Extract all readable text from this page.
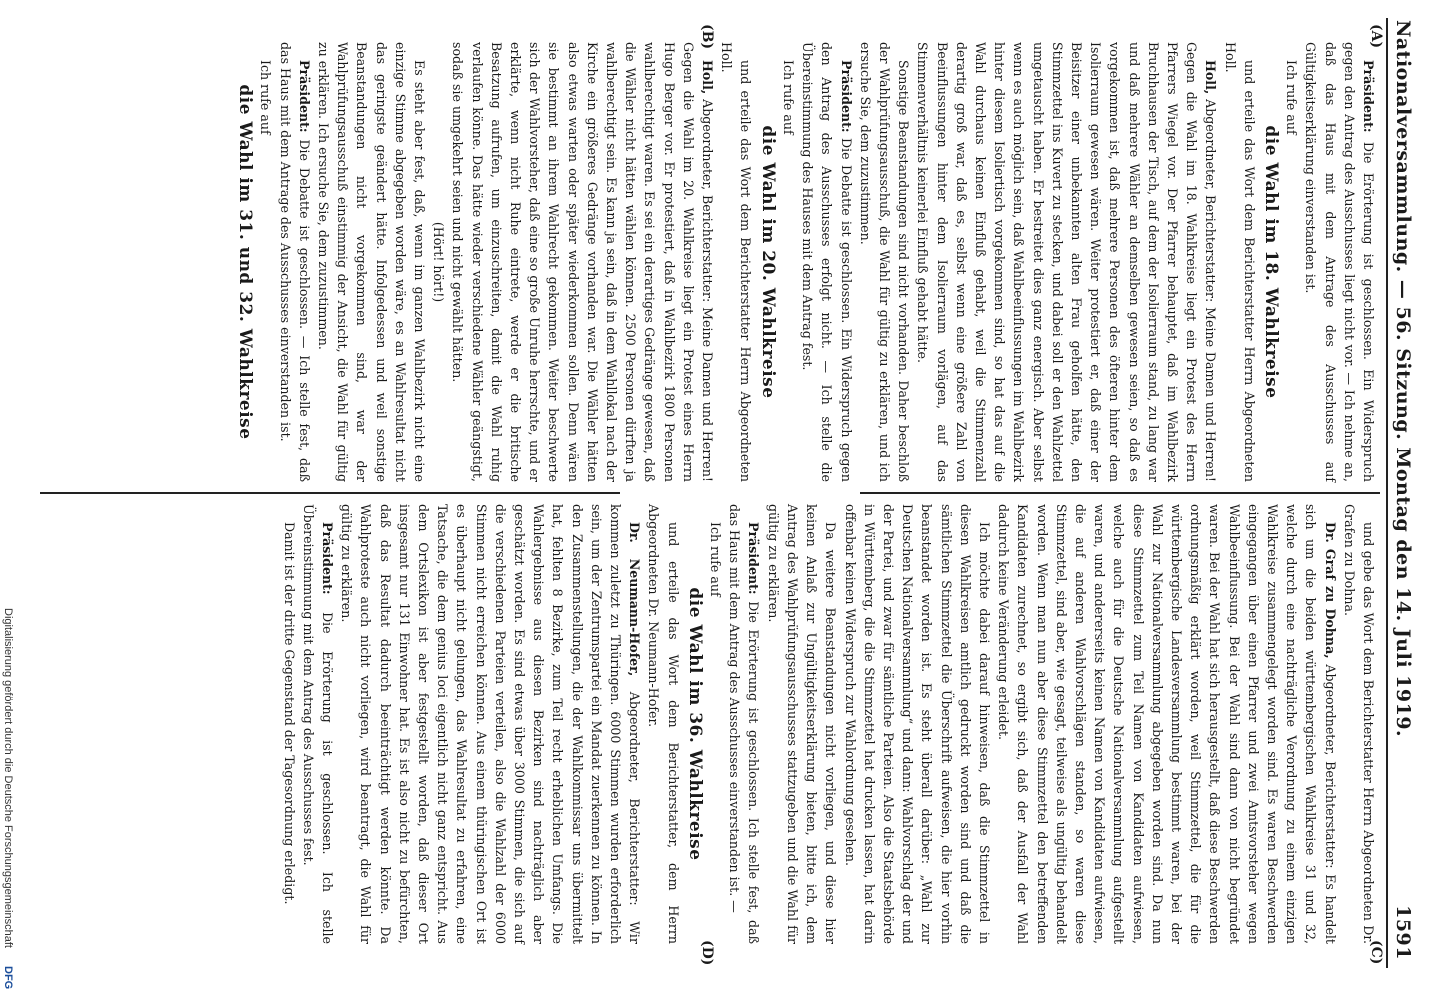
Nationalversammlung. — 56. Sitzung. Montag den 14. Juli 1919.
1591
(A)
(B)
(C)
(D)

Präsident: Die Erörterung ist geschlossen. Ein Widerspruch gegen den Antrag des Ausschusses liegt nicht vor. — Ich nehme an, daß das Haus mit dem Antrage des Ausschusses auf Gültigkeitserklärung einverstanden ist.

Ich rufe auf

die Wahl im 18. Wahlkreise

und erteile das Wort dem Berichterstatter Herrn Abgeordneten Holl.

Holl, Abgeordneter, Berichterstatter: Meine Damen und Herren! Gegen die Wahl im 18. Wahlkreise liegt ein Protest des Herrn Pfarrers Wiegel vor. Der Pfarrer behauptet, daß im Wahlbezirk Bruchhausen der Tisch, auf dem der Isolierraum stand, zu lang war und daß mehrere Wähler an demselben gewesen seien, so daß es vorgekommen ist, daß mehrere Personen des öfteren hinter dem Isolierraum gewesen wären. Weiter protestiert er, daß einer der Beisitzer einer unbekannten alten Frau geholfen hätte, den Stimmzettel ins Kuvert zu stecken, und dabei soll er den Wahlzettel umgetauscht haben. Er bestreitet dies ganz energisch. Aber selbst wenn es auch möglich sein, daß Wahlbeeinflussungen im Wahlbezirk hinter diesem Isoliertisch vorgekommen sind, so hat das auf die Wahl durchaus keinen Einfluß gehabt, weil die Stimmenzahl derartig groß war, daß es, selbst wenn eine größere Zahl von Beeinflussungen hinter dem Isolierraum vorlägen, auf das Stimmenverhältnis keinerlei Einfluß gehabt hätte.

Sonstige Beanstandungen sind nicht vorhanden. Daher beschloß der Wahlprüfungsausschuß, die Wahl für gültig zu erklären, und ich ersuche Sie, dem zuzustimmen.

Präsident: Die Debatte ist geschlossen. Ein Widerspruch gegen den Antrag des Ausschusses erfolgt nicht. — Ich stelle die Übereinstimmung des Hauses mit dem Antrag fest.

Ich rufe auf

die Wahl im 20. Wahlkreise

und erteile das Wort dem Berichterstatter Herrn Abgeordneten Holl.

Holl, Abgeordneter, Berichterstatter: Meine Damen und Herren! Gegen die Wahl im 20. Wahlkreise liegt ein Protest eines Herrn Hugo Berger vor. Er protestiert, daß in Wahlbezirk 1800 Personen wahlberechtigt waren. Es sei ein derartiges Gedränge gewesen, daß die Wähler nicht hätten wählen können. 2500 Personen dürften ja wahlberechtigt sein. Es kann ja sein, daß in dem Wahllokal nach der Kirche ein größeres Gedränge vorhanden war. Die Wähler hätten also etwas warten oder später wiederkommen sollen. Denn wären sie bestimmt an ihrem Wahlrecht gekommen. Weiter beschwerte sich der Wahlvorsteher, daß eine so große Unruhe herrschte, und er erklärte, wenn nicht Ruhe eintrete, werde er die britische Besatzung aufrufen, um einzuschreiten, damit die Wahl ruhig verlaufen könne. Das hätte wieder verschiedene Wähler geängstigt, sodaß sie umgekehrt seien und nicht gewählt hätten.

(Hört! hört!)

Es steht aber fest, daß, wenn im ganzen Wahlbezirk nicht eine einzige Stimme abgegeben worden wäre, es an Wahlresultat nicht das geringste geändert hätte. Infolgedessen und weil sonstige Beanstandungen nicht vorgekommen sind, war der Wahlprüfungsausschuß einstimmig der Ansicht, die Wahl für gültig zu erklären. Ich ersuche Sie, dem zuzustimmen.

Präsident: Die Debatte ist geschlossen. — Ich stelle fest, daß das Haus mit dem Antrage des Ausschusses einverstanden ist.

Ich rufe auf

die Wahl im 31. und 32. Wahlkreise

und gebe das Wort dem Berichterstatter Herrn Abgeordneten Dr. Grafen zu Dohna.

Dr. Graf zu Dohna, Abgeordneter, Berichterstatter: Es handelt sich um die beiden württembergischen Wahlkreise 31 und 32, welche durch eine nachträgliche Verordnung zu einem einzigen Wahlkreise zusammengelegt worden sind. Es waren Beschwerden eingegangen über einen Pfarrer und zwei Amtsvorsteher wegen Wahlbeeinflussung. Bei der Wahl sind dann von nicht begründet waren. Bei der Wahl hat sich herausgestellt, daß diese Beschwerden ordnungsmäßig erklärt worden, weil Stimmzettel, die für die württembergische Landesversammlung bestimmt waren, bei der Wahl zur Nationalversammlung abgegeben worden sind. Da nun diese Stimmzettel zum Teil Namen von Kandidaten aufwiesen, welche auch für die Deutsche Nationalversammlung aufgestellt waren, und andererseits keinen Namen von Kandidaten aufwiesen, die auf anderen Wahlvorschlägen standen, so waren diese Stimmzettel, sind aber, wie gesagt, teilweise als ungültig behandelt worden. Wenn man nun aber diese Stimmzettel den betreffenden Kandidaten zurechnet, so ergibt sich, daß der Ausfall der Wahl dadurch keine Veränderung erleidet.

Ich möchte dabei darauf hinweisen, daß die Stimmzettel in diesen Wahlkreisen amtlich gedruckt worden sind und daß die sämtlichen Stimmzettel die Überschrift aufweisen, die hier vorhin beanstandet worden ist. Es steht überall darüber: „Wahl zur Deutschen Nationalversammlung“ und dann: Wahlvorschlag der und der Partei, und zwar für sämtliche Parteien. Also die Staatsbehörde in Württemberg, die die Stimmzettel hat drucken lassen, hat darin offenbar keinen Widerspruch zur Wahlordnung gesehen.

Da weitere Beanstandungen nicht vorliegen, und diese hier keinen Anlaß zur Ungültigkeitserklärung bieten, bitte ich, dem Antrag des Wahlprüfungsausschusses stattzugeben und die Wahl für gültig zu erklären.

Präsident: Die Erörterung ist geschlossen. Ich stelle fest, daß das Haus mit dem Antrag des Ausschusses einverstanden ist. —

Ich rufe auf

die Wahl im 36. Wahlkreise

und erteile das Wort dem Berichterstatter, dem Herrn Abgeordneten Dr. Neumann-Hofer.

Dr. Neumann-Hofer, Abgeordneter, Berichterstatter: Wir kommen zuletzt zu Thüringen. 6000 Stimmen wurden erforderlich sein, um der Zentrumspartei ein Mandat zuerkennen zu können. In den Zusammenstellungen, die der Wahlkommissar uns übermittelt hat, fehlten 8 Bezirke, zum Teil recht erheblichen Umfangs. Die Wahlergebnisse aus diesen Bezirken sind nachträglich aber geschätzt worden. Es sind etwas über 3000 Stimmen, die sich auf die verschiedenen Parteien verteilen, also die Wahlzahl der 6000 Stimmen nicht erreichen können. Aus einem thüringischen Ort ist es überhaupt nicht gelungen, das Wahlresultat zu erfahren, eine Tatsache, die dem genius loci eigentlich nicht ganz entspricht. Aus dem Ortslexikon ist aber festgestellt worden, daß dieser Ort insgesamt nur 131 Einwohner hat. Es ist also nicht zu befürchten, daß das Resultat dadurch beeinträchtigt werden könnte. Da Wahlproteste auch nicht vorliegen, wird beantragt, die Wahl für gültig zu erklären.

Präsident: Die Erörterung ist geschlossen. Ich stelle Übereinstimmung mit dem Antrag des Ausschusses fest.

Damit ist der dritte Gegenstand der Tagesordnung erledigt.

Digitalisierung gefördert durch die Deutsche Forschungsgemeinschaft
DFG
